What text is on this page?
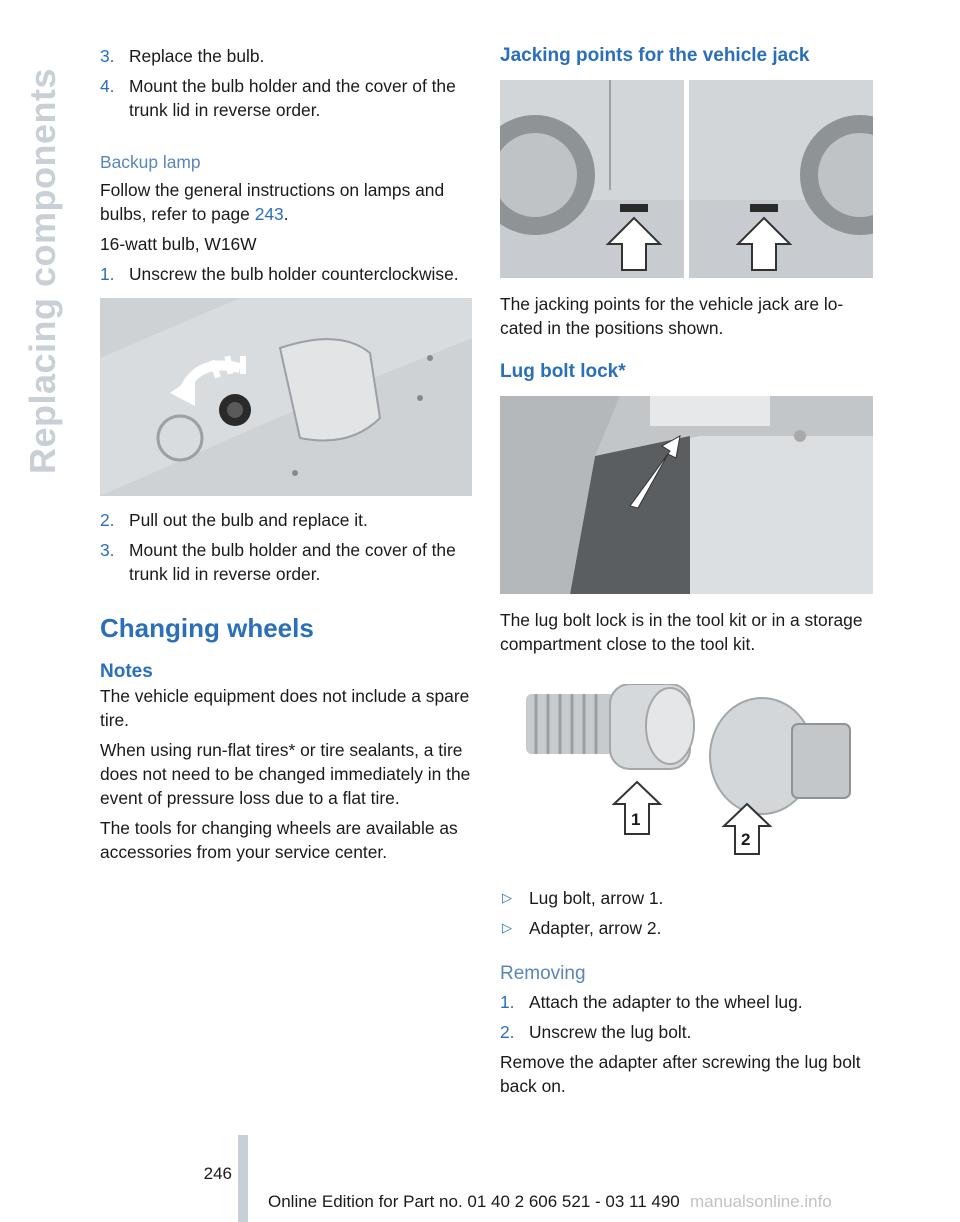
Replacing components
3. Replace the bulb.
4. Mount the bulb holder and the cover of the trunk lid in reverse order.

Backup lamp

Follow the general instructions on lamps and bulbs, refer to page 243.

16-watt bulb, W16W

1. Unscrew the bulb holder counterclockwise.
2. Pull out the bulb and replace it.
3. Mount the bulb holder and the cover of the trunk lid in reverse order.

Changing wheels

Notes

The vehicle equipment does not include a spare tire.

When using run-flat tires* or tire sealants, a tire does not need to be changed immediately in the event of pressure loss due to a flat tire.

The tools for changing wheels are available as accessories from your service center.

Jacking points for the vehicle jack

The jacking points for the vehicle jack are located in the positions shown.

Lug bolt lock*

The lug bolt lock is in the tool kit or in a storage compartment close to the tool kit.

1
2
▷ Lug bolt, arrow 1.
▷ Adapter, arrow 2.

Removing

1. Attach the adapter to the wheel lug.
2. Unscrew the lug bolt.

Remove the adapter after screwing the lug bolt back on.

246
Online Edition for Part no. 01 40 2 606 521 - 03 11 490 manualsonline.info
